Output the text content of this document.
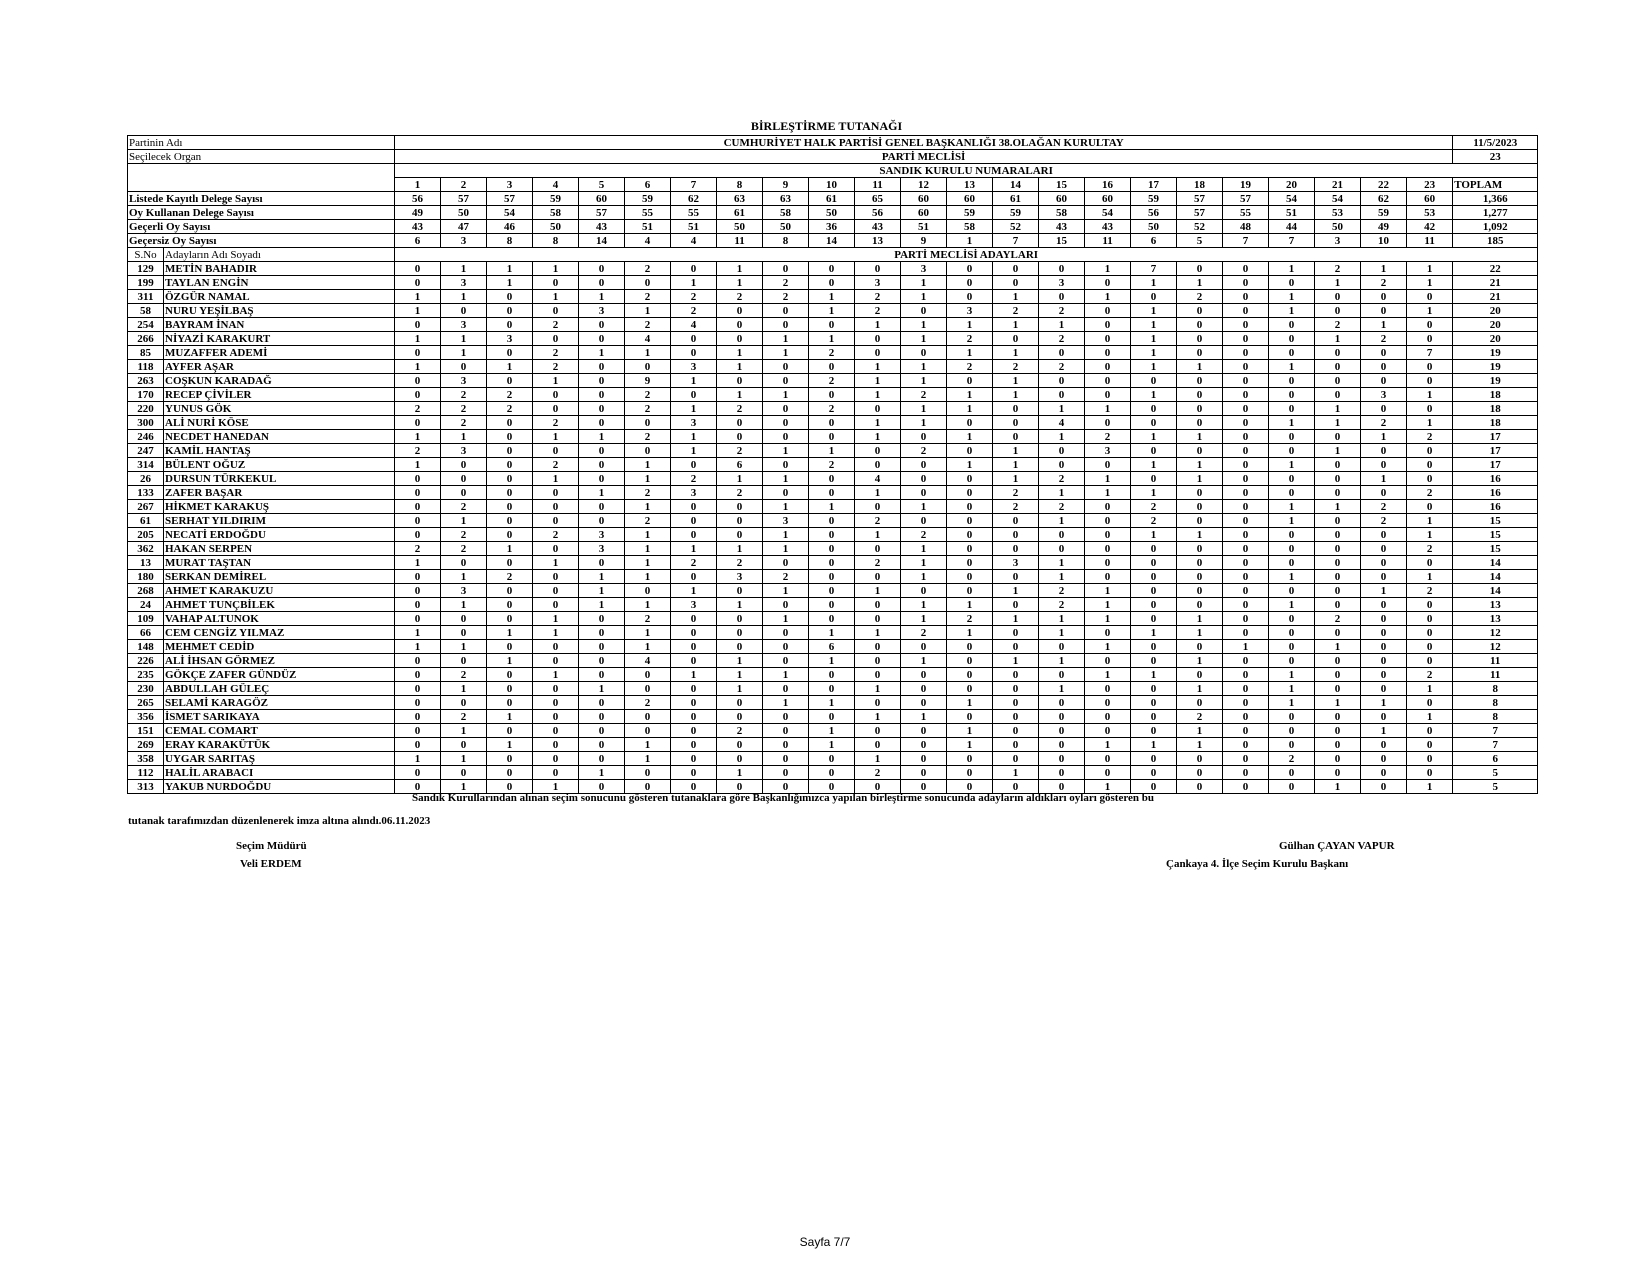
BİRLEŞTİRME TUTANAĞI
Partinin Adı		CUMHURİYET HALK PARTİSİ GENEL BAŞKANLIĞI 38.OLAĞAN KURULTAY																							11/5/2023
Seçilecek Organ		PARTİ MECLİSİ																							23
		SANDIK KURULU NUMARALARI																							
		1	2	3	4	5	6	7	8	9	10	11	12	13	14	15	16	17	18	19	20	21	22	23	TOPLAM
Listede Kayıtlı Delege Sayısı		56	57	57	59	60	59	62	63	63	61	65	60	60	61	60	60	59	57	57	54	54	62	60	1,366
Oy Kullanan Delege Sayısı		49	50	54	58	57	55	55	61	58	50	56	60	59	59	58	54	56	57	55	51	53	59	53	1,277
Geçerli Oy Sayısı		43	47	46	50	43	51	51	50	50	36	43	51	58	52	43	43	50	52	48	44	50	49	42	1,092
Geçersiz Oy Sayısı		6	3	8	8	14	4	4	11	8	14	13	9	1	7	15	11	6	5	7	7	3	10	11	185
S.No	Adayların Adı Soyadı	PARTİ MECLİSİ ADAYLARI																							
129	METİN BAHADIR	0	1	1	1	0	2	0	1	0	0	0	3	0	0	0	1	7	0	0	1	2	1	1	22
199	TAYLAN ENGİN	0	3	1	0	0	0	1	1	2	0	3	1	0	0	3	0	1	1	0	0	1	2	1	21
311	ÖZGÜR NAMAL	1	1	0	1	1	2	2	2	2	1	2	1	0	1	0	1	0	2	0	1	0	0	0	21
58	NURU YEŞİLBAŞ	1	0	0	0	3	1	2	0	0	1	2	0	3	2	2	0	1	0	0	1	0	0	1	20
254	BAYRAM İNAN	0	3	0	2	0	2	4	0	0	0	1	1	1	1	1	0	1	0	0	0	2	1	0	20
266	NİYAZİ KARAKURT	1	1	3	0	0	4	0	0	1	1	0	1	2	0	2	0	1	0	0	0	1	2	0	20
85	MUZAFFER ADEMİ	0	1	0	2	1	1	0	1	1	2	0	0	1	1	0	0	1	0	0	0	0	0	7	19
118	AYFER AŞAR	1	0	1	2	0	0	3	1	0	0	1	1	2	2	2	0	1	1	0	1	0	0	0	19
263	COŞKUN KARADAĞ	0	3	0	1	0	9	1	0	0	2	1	1	0	1	0	0	0	0	0	0	0	0	0	19
170	RECEP ÇİVİLER	0	2	2	0	0	2	0	1	1	0	1	2	1	1	0	0	1	0	0	0	0	3	1	18
220	YUNUS GÖK	2	2	2	0	0	2	1	2	0	2	0	1	1	0	1	1	0	0	0	0	1	0	0	18
300	ALİ NURİ KÖSE	0	2	0	2	0	0	3	0	0	0	1	1	0	0	4	0	0	0	0	1	1	2	1	18
246	NECDET HANEDAN	1	1	0	1	1	2	1	0	0	0	1	0	1	0	1	2	1	1	0	0	0	1	2	17
247	KAMİL HANTAŞ	2	3	0	0	0	0	1	2	1	1	0	2	0	1	0	3	0	0	0	0	1	0	0	17
314	BÜLENT OĞUZ	1	0	0	2	0	1	0	6	0	2	0	0	1	1	0	0	1	1	0	1	0	0	0	17
26	DURSUN TÜRKEKUL	0	0	0	1	0	1	2	1	1	0	4	0	0	1	2	1	0	1	0	0	0	1	0	16
133	ZAFER BAŞAR	0	0	0	0	1	2	3	2	0	0	1	0	0	2	1	1	1	0	0	0	0	0	2	16
267	HİKMET KARAKUŞ	0	2	0	0	0	1	0	0	1	1	0	1	0	2	2	0	2	0	0	1	1	2	0	16
61	SERHAT YILDIRIM	0	1	0	0	0	2	0	0	3	0	2	0	0	0	1	0	2	0	0	1	0	2	1	15
205	NECATİ ERDOĞDU	0	2	0	2	3	1	0	0	1	0	1	2	0	0	0	0	1	1	0	0	0	0	1	15
362	HAKAN SERPEN	2	2	1	0	3	1	1	1	1	0	0	1	0	0	0	0	0	0	0	0	0	0	2	15
13	MURAT TAŞTAN	1	0	0	1	0	1	2	2	0	0	2	1	0	3	1	0	0	0	0	0	0	0	0	14
180	SERKAN DEMİREL	0	1	2	0	1	1	0	3	2	0	0	1	0	0	1	0	0	0	0	1	0	0	1	14
268	AHMET KARAKUZU	0	3	0	0	1	0	1	0	1	0	1	0	0	1	2	1	0	0	0	0	0	1	2	14
24	AHMET TUNÇBİLEK	0	1	0	0	1	1	3	1	0	0	0	1	1	0	2	1	0	0	0	1	0	0	0	13
109	VAHAP ALTUNOK	0	0	0	1	0	2	0	0	1	0	0	1	2	1	1	1	0	1	0	0	2	0	0	13
66	CEM CENGİZ YILMAZ	1	0	1	1	0	1	0	0	0	1	1	2	1	0	1	0	1	1	0	0	0	0	0	12
148	MEHMET CEDİD	1	1	0	0	0	1	0	0	0	6	0	0	0	0	0	1	0	0	1	0	1	0	0	12
226	ALİ İHSAN GÖRMEZ	0	0	1	0	0	4	0	1	0	1	0	1	0	1	1	0	0	1	0	0	0	0	0	11
235	GÖKÇE ZAFER GÜNDÜZ	0	2	0	1	0	0	1	1	1	0	0	0	0	0	0	1	1	0	0	1	0	0	2	11
230	ABDULLAH GÜLEÇ	0	1	0	0	1	0	0	1	0	0	1	0	0	0	1	0	0	1	0	1	0	0	1	8
265	SELAMİ KARAGÖZ	0	0	0	0	0	2	0	0	1	1	0	0	1	0	0	0	0	0	0	1	1	1	0	8
356	İSMET SARIKAYA	0	2	1	0	0	0	0	0	0	0	1	1	0	0	0	0	0	2	0	0	0	0	1	8
151	CEMAL COMART	0	1	0	0	0	0	0	2	0	1	0	0	1	0	0	0	0	1	0	0	0	1	0	7
269	ERAY KARAKÜTÜK	0	0	1	0	0	1	0	0	0	1	0	0	1	0	0	1	1	1	0	0	0	0	0	7
358	UYGAR SARITAŞ	1	1	0	0	0	1	0	0	0	0	1	0	0	0	0	0	0	0	0	2	0	0	0	6
112	HALİL ARABACI	0	0	0	0	1	0	0	1	0	0	2	0	0	1	0	0	0	0	0	0	0	0	0	5
313	YAKUB NURDOĞDU	0	1	0	1	0	0	0	0	0	0	0	0	0	0	0	1	0	0	0	0	1	0	1	5
Sandık Kurullarından alınan seçim sonucunu gösteren tutanaklara göre Başkanlığımızca yapılan birleştirme sonucunda adayların aldıkları oyları gösteren bu
tutanak tarafımızdan düzenlenerek imza altına alındı.06.11.2023
Seçim Müdürü
Veli ERDEM
Gülhan ÇAYAN VAPUR
Çankaya 4. İlçe Seçim Kurulu Başkanı
Sayfa 7/7
